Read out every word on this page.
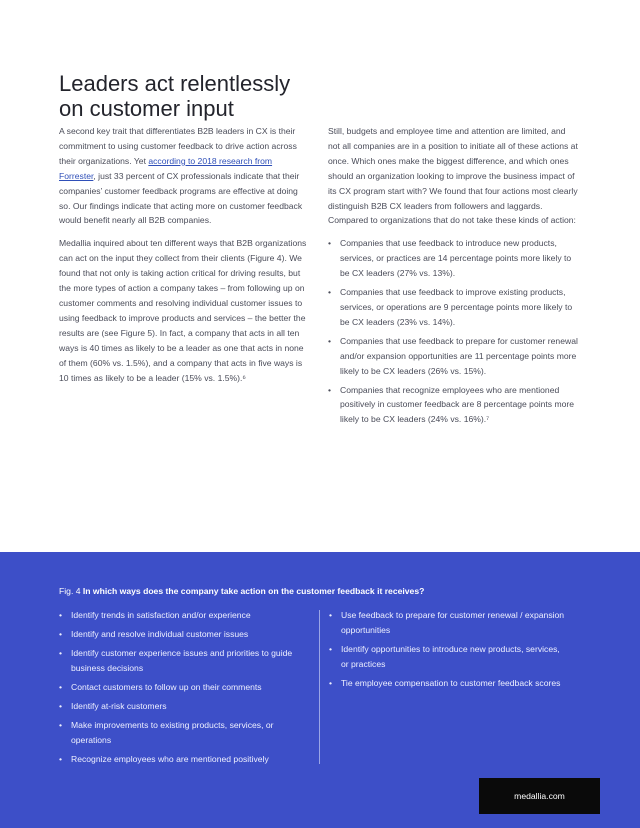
Leaders act relentlessly on customer input

A second key trait that differentiates B2B leaders in CX is their commitment to using customer feedback to drive action across their organizations. Yet according to 2018 research from Forrester, just 33 percent of CX professionals indicate that their companies’ customer feedback programs are effective at doing so. Our findings indicate that acting more on customer feedback would benefit nearly all B2B companies.

Medallia inquired about ten different ways that B2B organizations can act on the input they collect from their clients (Figure 4). We found that not only is taking action critical for driving results, but the more types of action a company takes – from following up on customer comments and resolving individual customer issues to using feedback to improve products and services – the better the results are (see Figure 5). In fact, a company that acts in all ten ways is 40 times as likely to be a leader as one that acts in none of them (60% vs. 1.5%), and a company that acts in five ways is 10 times as likely to be a leader (15% vs. 1.5%).⁶

Still, budgets and employee time and attention are limited, and not all companies are in a position to initiate all of these actions at once. Which ones make the biggest difference, and which ones should an organization looking to improve the business impact of its CX program start with? We found that four actions most clearly distinguish B2B CX leaders from followers and laggards. Compared to organizations that do not take these kinds of action:

• Companies that use feedback to introduce new products, services, or practices are 14 percentage points more likely to be CX leaders (27% vs. 13%).
• Companies that use feedback to improve existing products, services, or operations are 9 percentage points more likely to be CX leaders (23% vs. 14%).
• Companies that use feedback to prepare for customer renewal and/or expansion opportunities are 11 percentage points more likely to be CX leaders (26% vs. 15%).
• Companies that recognize employees who are mentioned positively in customer feedback are 8 percentage points more likely to be CX leaders (24% vs. 16%).⁷
Fig. 4 In which ways does the company take action on the customer feedback it receives?
• Identify trends in satisfaction and/or experience
• Identify and resolve individual customer issues
• Identify customer experience issues and priorities to guide business decisions
• Contact customers to follow up on their comments
• Identify at-risk customers
• Make improvements to existing products, services, or operations
• Recognize employees who are mentioned positively
• Use feedback to prepare for customer renewal / expansion opportunities
• Identify opportunities to introduce new products, services, or practices
• Tie employee compensation to customer feedback scores
medallia.com
